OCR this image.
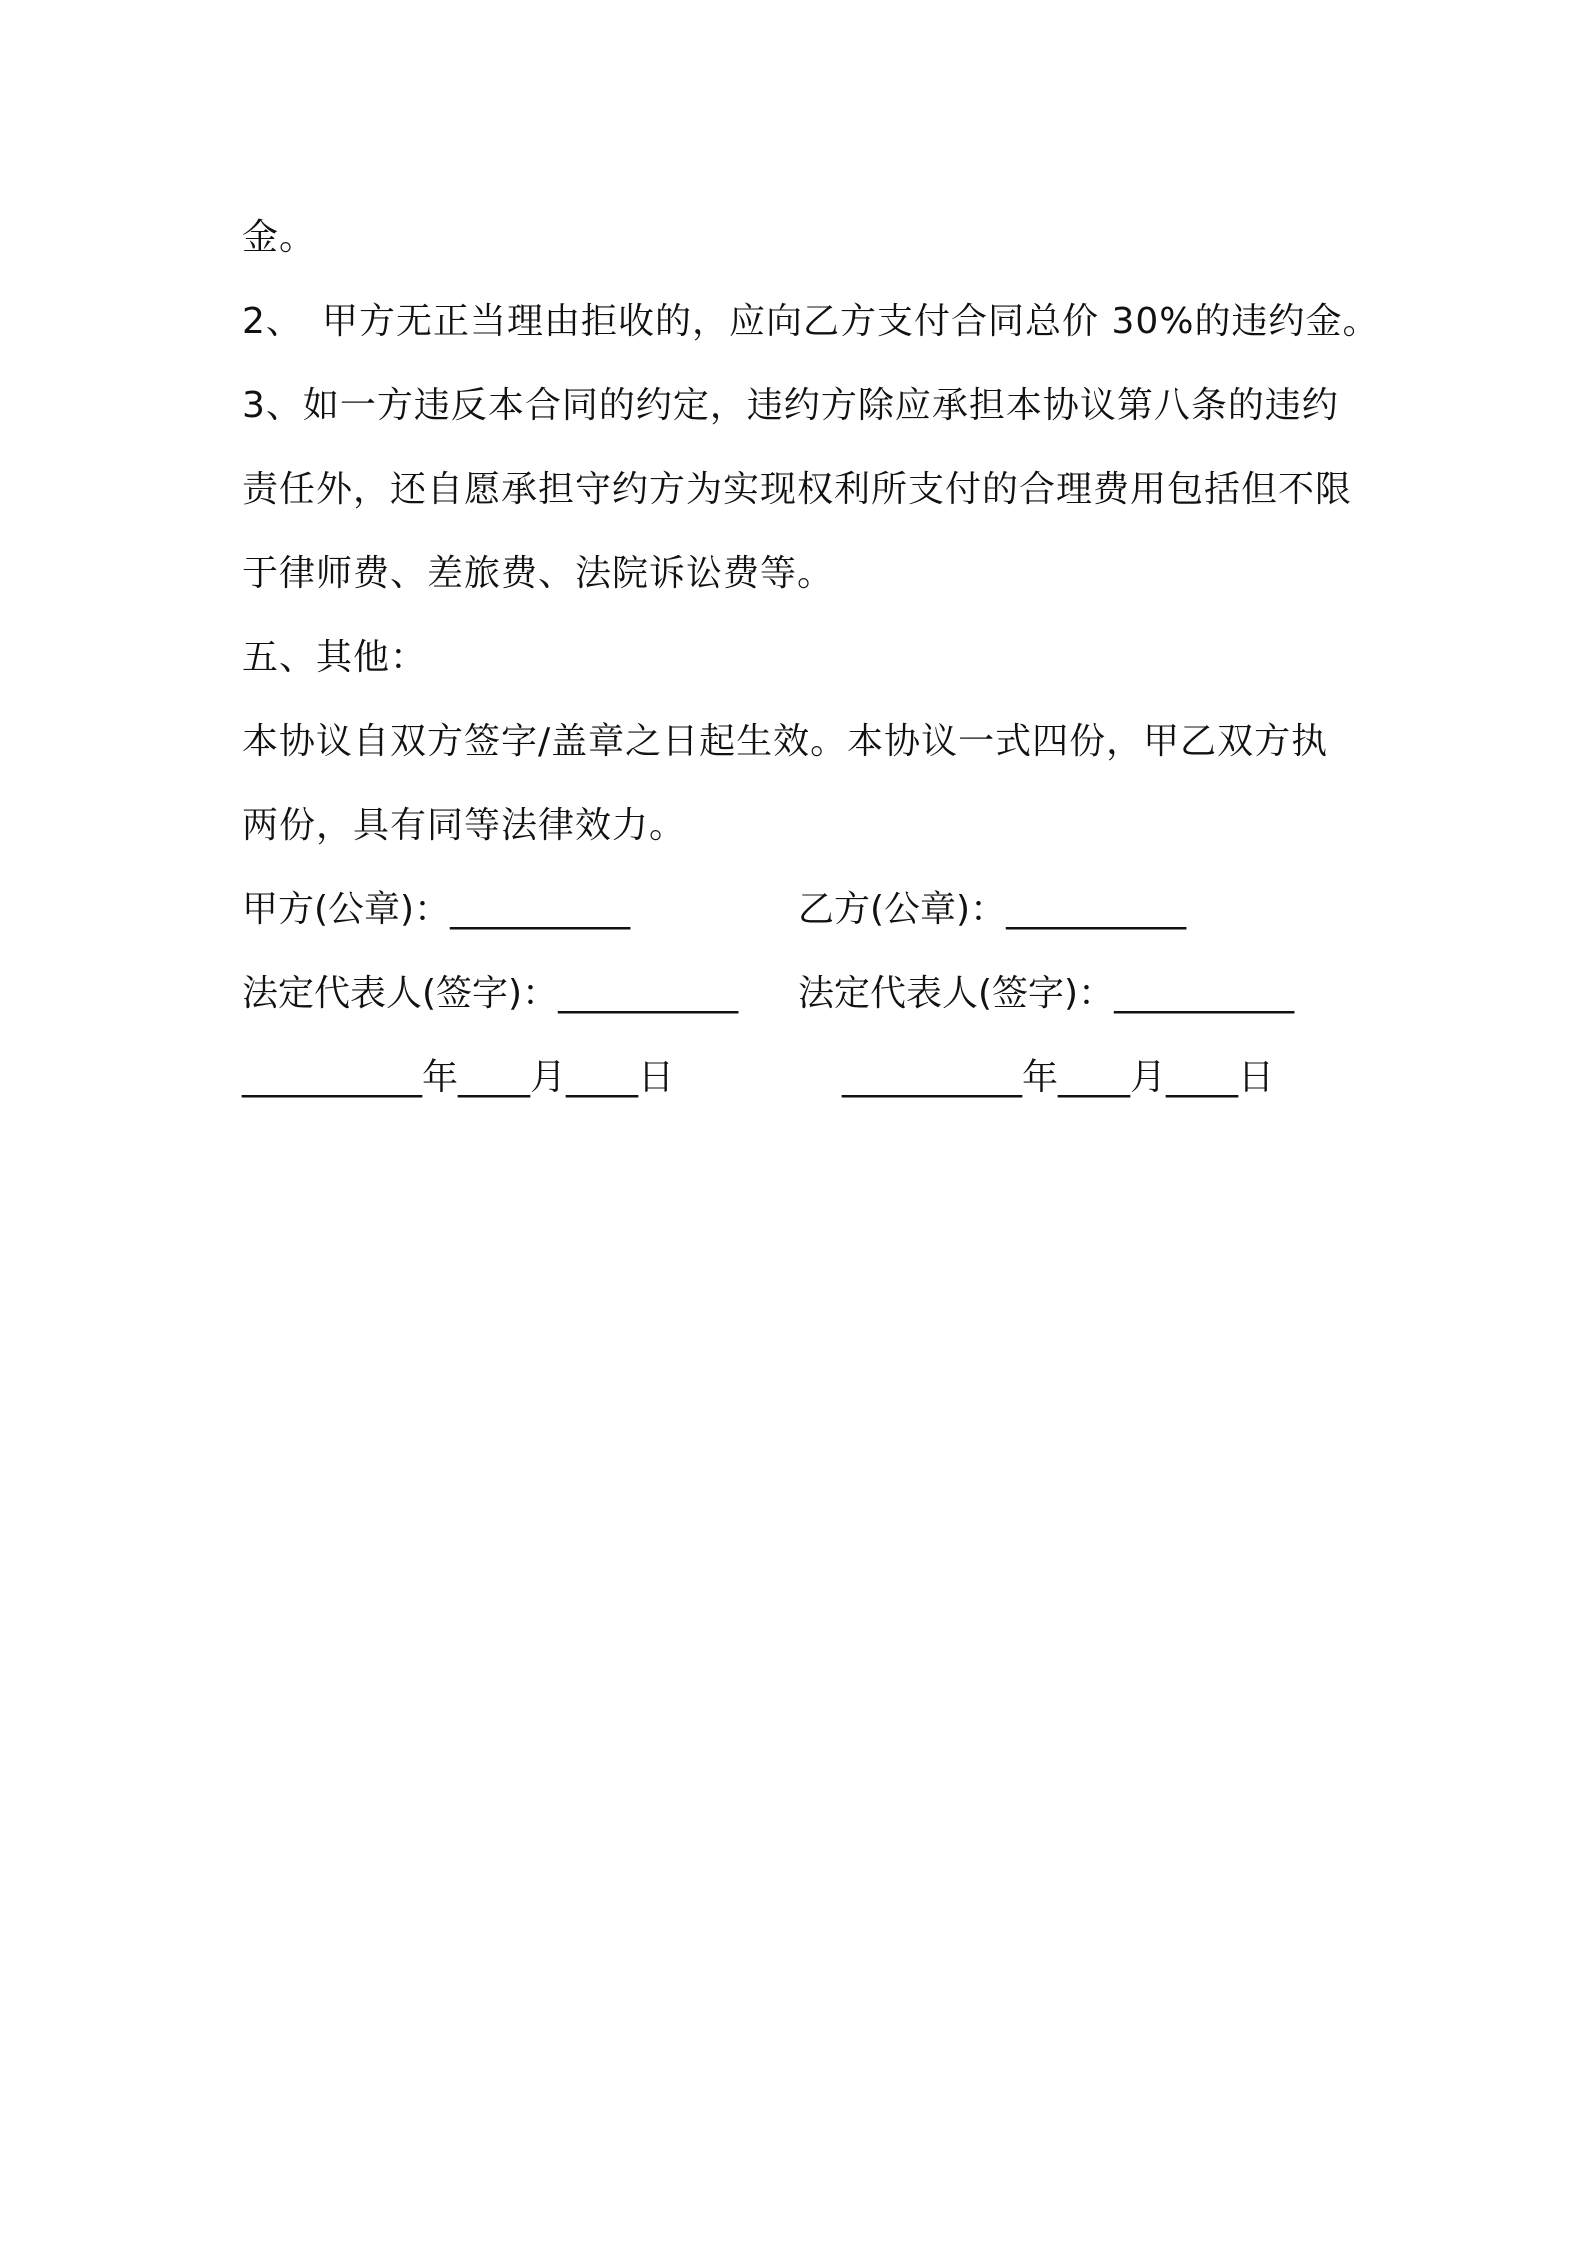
金。
2、 甲方无正当理由拒收的，应向乙方支付合同总价 30%的违约金。
3、如一方违反本合同的约定，违约方除应承担本协议第八条的违约
责任外，还自愿承担守约方为实现权利所支付的合理费用包括但不限
于律师费、差旅费、法院诉讼费等。
五、其他：
本协议自双方签字/盖章之日起生效。本协议一式四份，甲乙双方执
两份，具有同等法律效力。
甲方(公章)：__________	乙方(公章)：__________
法定代表人(签字)：__________ 法定代表人(签字)：__________
__________年____月____日	__________年____月____日
